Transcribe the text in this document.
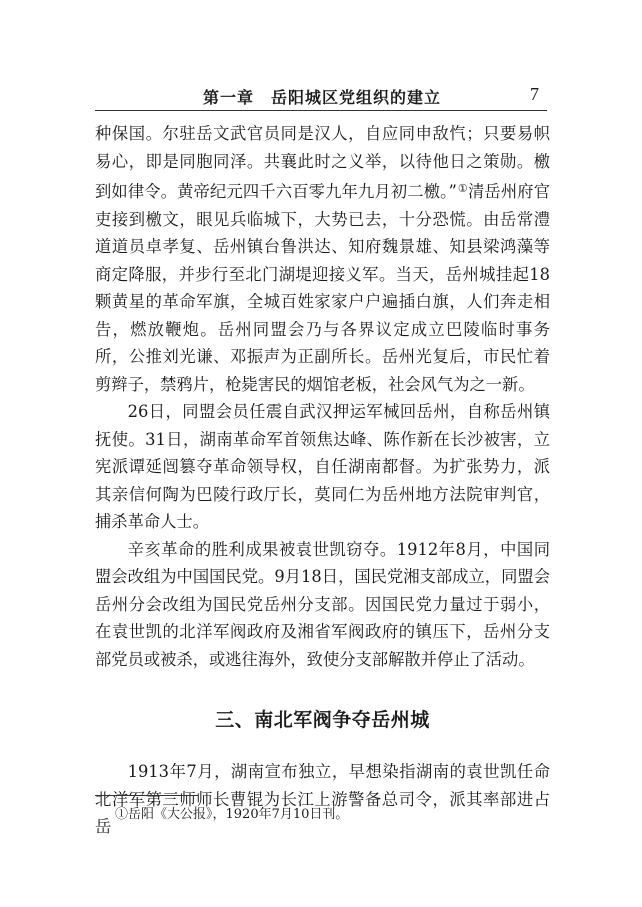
第一章　岳阳城区党组织的建立	7

种保国。尔驻岳文武官员同是汉人，自应同申敌忾；只要易帜易心，即是同胞同泽。共襄此时之义举，以待他日之策勋。檄到如律令。黄帝纪元四千六百零九年九月初二檄。”①清岳州府官吏接到檄文，眼见兵临城下，大势已去，十分恐慌。由岳常澧道道员卓孝复、岳州镇台鲁洪达、知府魏景雄、知县梁鸿藻等商定降服，并步行至北门湖堤迎接义军。当天，岳州城挂起18颗黄星的革命军旗，全城百姓家家户户遍插白旗，人们奔走相告，燃放鞭炮。岳州同盟会乃与各界议定成立巴陵临时事务所，公推刘光谦、邓振声为正副所长。岳州光复后，市民忙着剪辫子，禁鸦片，枪毙害民的烟馆老板，社会风气为之一新。

26日，同盟会员任震自武汉押运军械回岳州，自称岳州镇抚使。31日，湖南革命军首领焦达峰、陈作新在长沙被害，立宪派谭延闿篡夺革命领导权，自任湖南都督。为扩张势力，派其亲信何陶为巴陵行政厅长，莫同仁为岳州地方法院审判官，捕杀革命人士。

辛亥革命的胜利成果被袁世凯窃夺。1912年8月，中国同盟会改组为中国国民党。9月18日，国民党湘支部成立，同盟会岳州分会改组为国民党岳州分支部。因国民党力量过于弱小，在袁世凯的北洋军阀政府及湘省军阀政府的镇压下，岳州分支部党员或被杀，或逃往海外，致使分支部解散并停止了活动。

三、南北军阀争夺岳州城

1913年7月，湖南宣布独立，早想染指湖南的袁世凯任命北洋军第三师师长曹锟为长江上游警备总司令，派其率部进占岳

①岳阳《大公报》，1920年7月10日刊。
